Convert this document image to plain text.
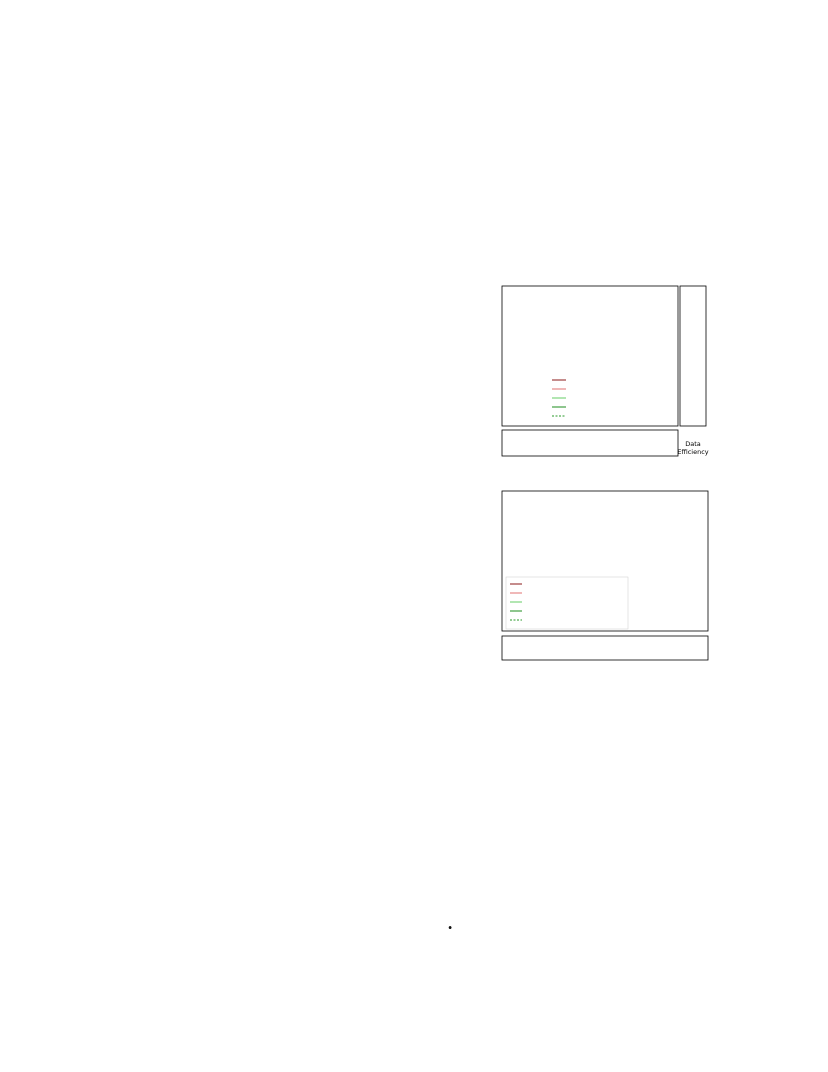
Data Efficiency
•
